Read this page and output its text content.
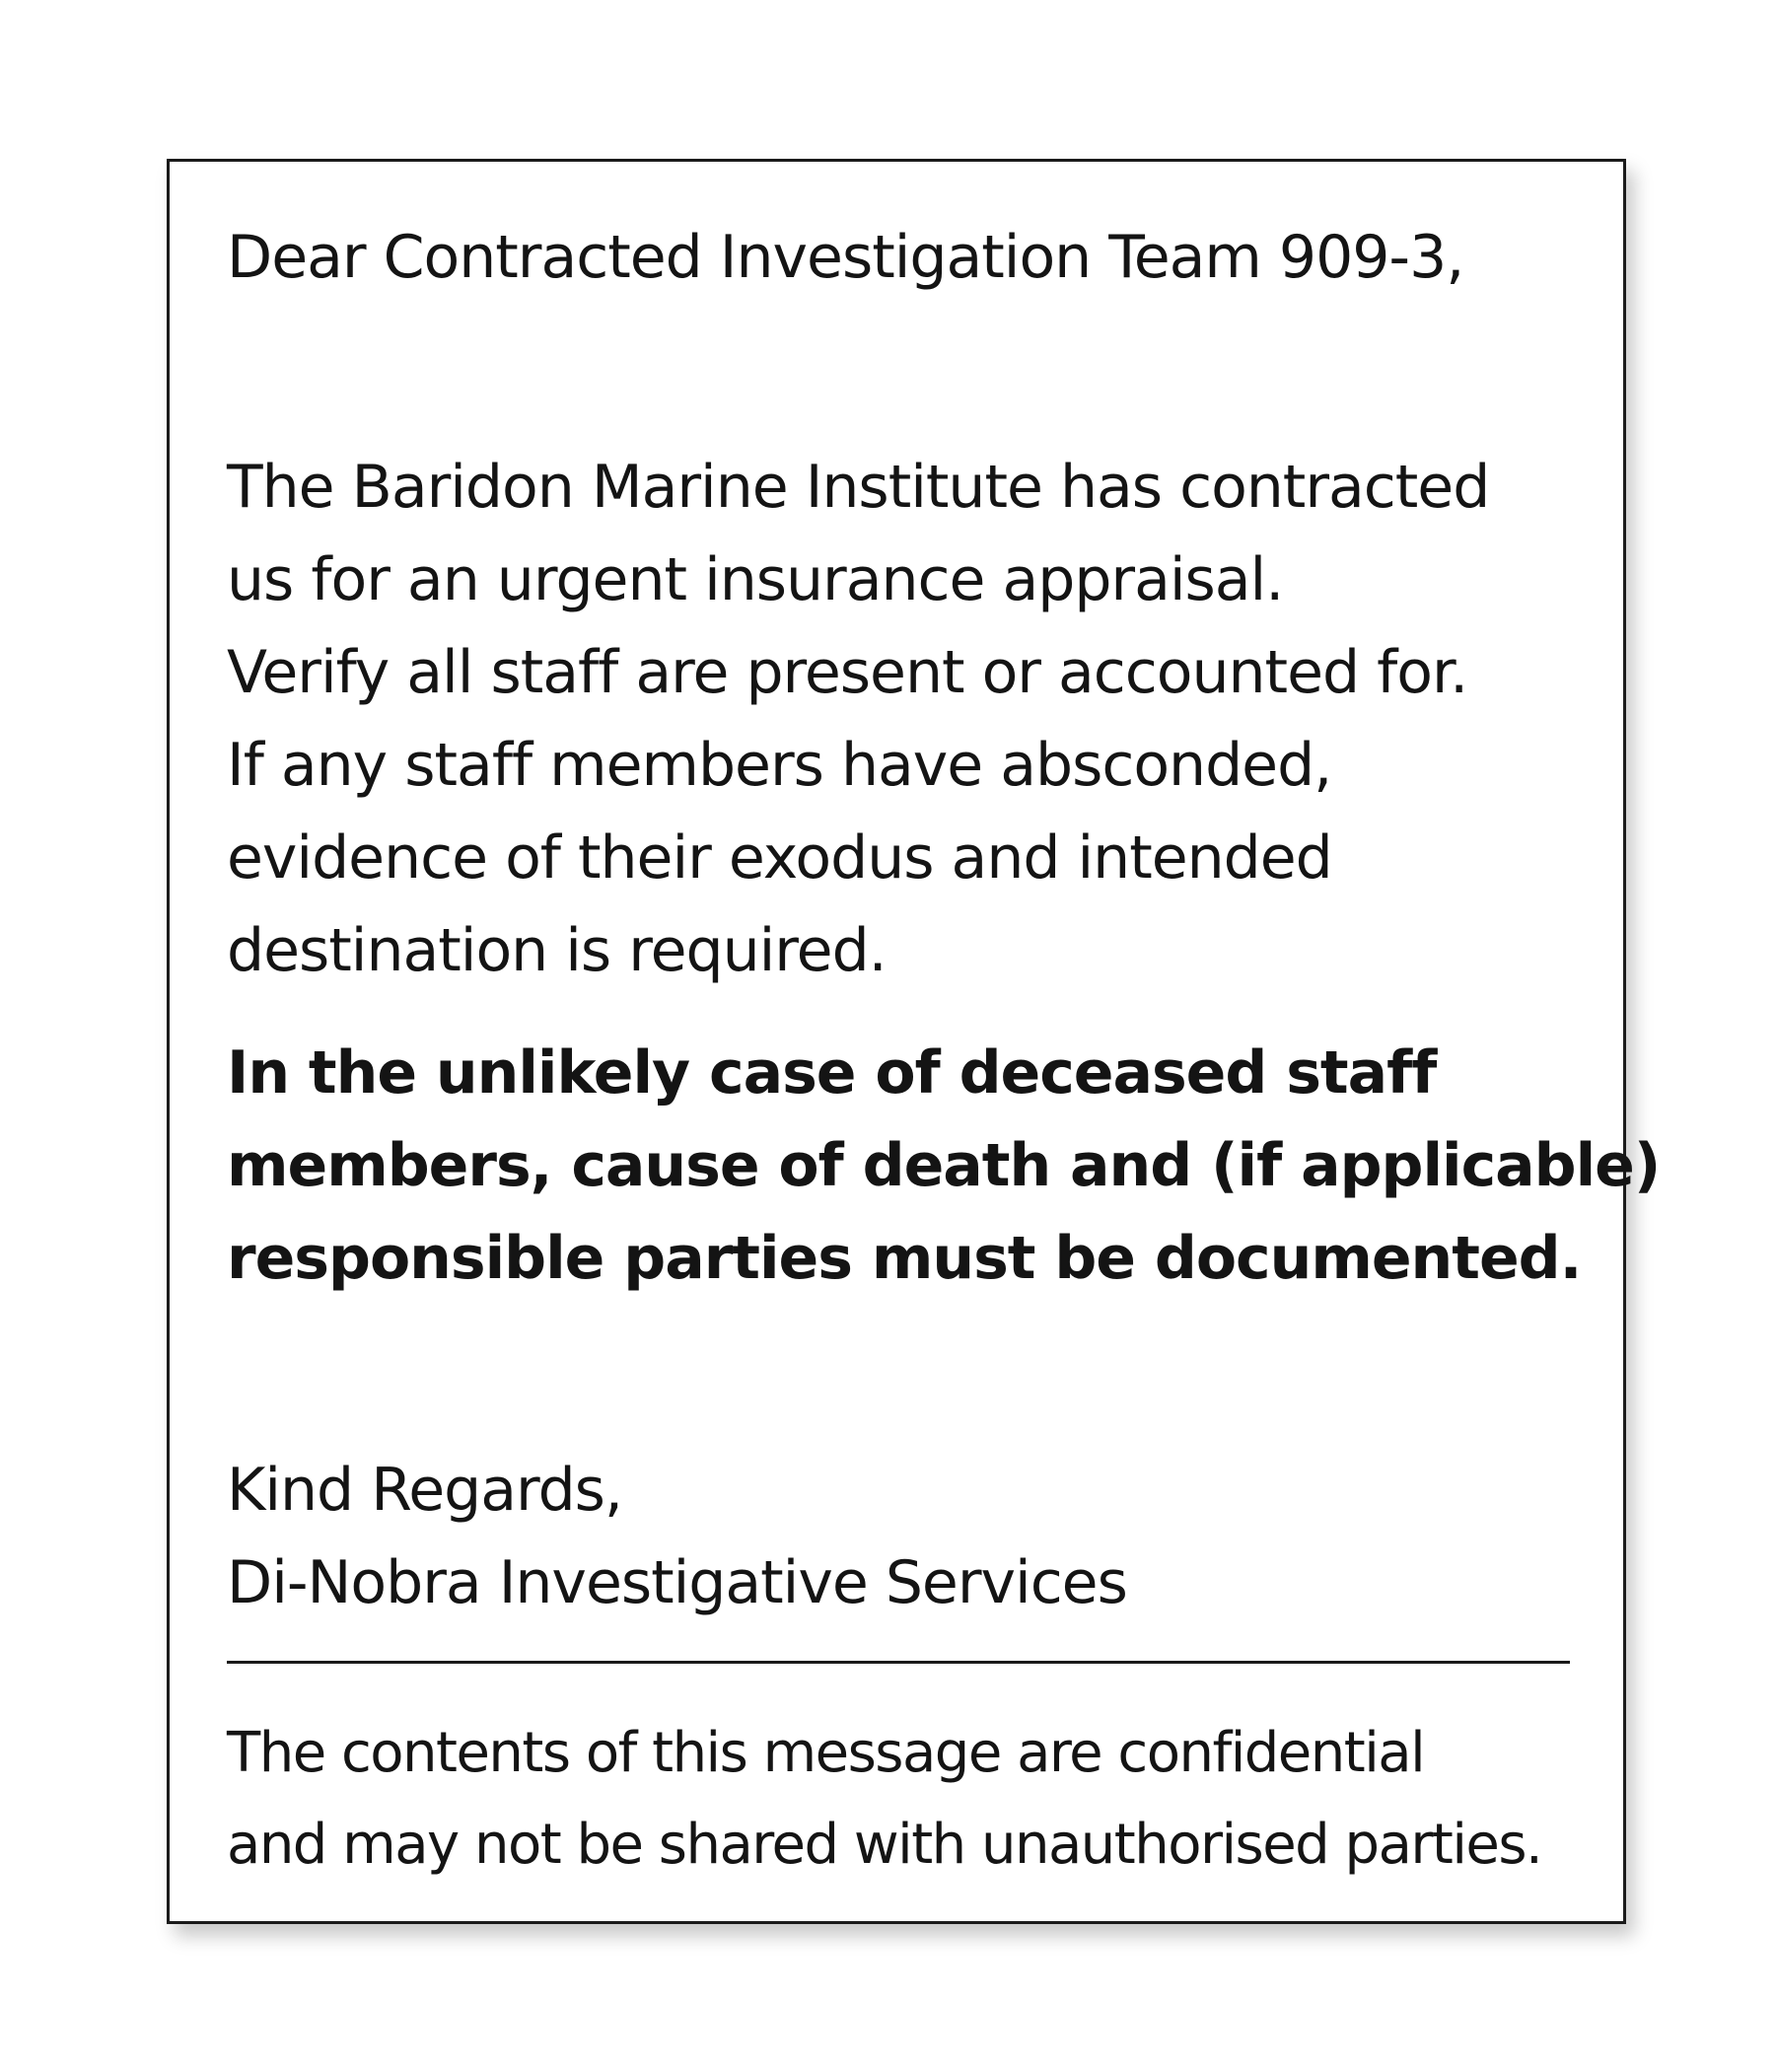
Dear Contracted Investigation Team 909-3,

The Baridon Marine Institute has contracted
us for an urgent insurance appraisal.
Verify all staff are present or accounted for.
If any staff members have absconded,
evidence of their exodus and intended
destination is required.

In the unlikely case of deceased staff
members, cause of death and (if applicable)
responsible parties must be documented.

Kind Regards,
Di-Nobra Investigative Services

The contents of this message are confidential
and may not be shared with unauthorised parties.
